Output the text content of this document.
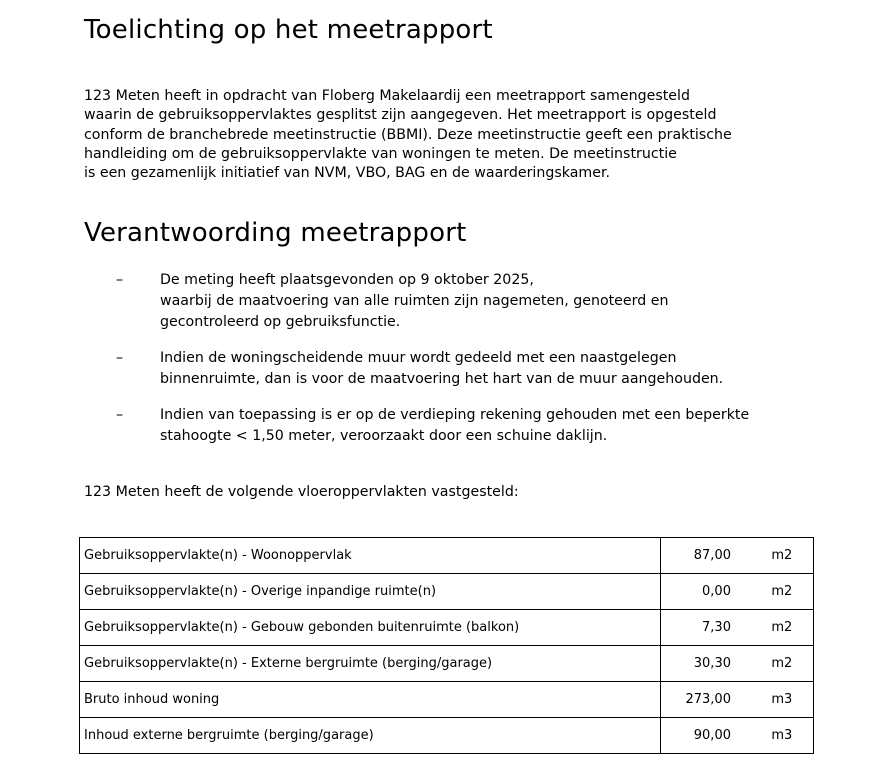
Toelichting op het meetrapport
123 Meten heeft in opdracht van Floberg Makelaardij een meetrapport samengesteld
waarin de gebruiksoppervlaktes gesplitst zijn aangegeven. Het meetrapport is opgesteld
conform de branchebrede meetinstructie (BBMI). Deze meetinstructie geeft een praktische
handleiding om de gebruiksoppervlakte van woningen te meten. De meetinstructie
is een gezamenlijk initiatief van NVM, VBO, BAG en de waarderingskamer.
Verantwoording meetrapport
–	De meting heeft plaatsgevonden op 9 oktober 2025,
waarbij de maatvoering van alle ruimten zijn nagemeten, genoteerd en
gecontroleerd op gebruiksfunctie.
–	Indien de woningscheidende muur wordt gedeeld met een naastgelegen
binnenruimte, dan is voor de maatvoering het hart van de muur aangehouden.
–	Indien van toepassing is er op de verdieping rekening gehouden met een beperkte
stahoogte < 1,50 meter, veroorzaakt door een schuine daklijn.
123 Meten heeft de volgende vloeroppervlakten vastgesteld:
Gebruiksoppervlakte(n) - Woonoppervlak	87,00 m2	

Gebruiksoppervlakte(n) - Overige inpandige ruimte(n)	0,00 m2	

Gebruiksoppervlakte(n) - Gebouw gebonden buitenruimte (balkon)	7,30 m2	

Gebruiksoppervlakte(n) - Externe bergruimte (berging/garage)	30,30 m2	

Bruto inhoud woning	273,00 m3	

Inhoud externe bergruimte (berging/garage)	90,00 m3	
